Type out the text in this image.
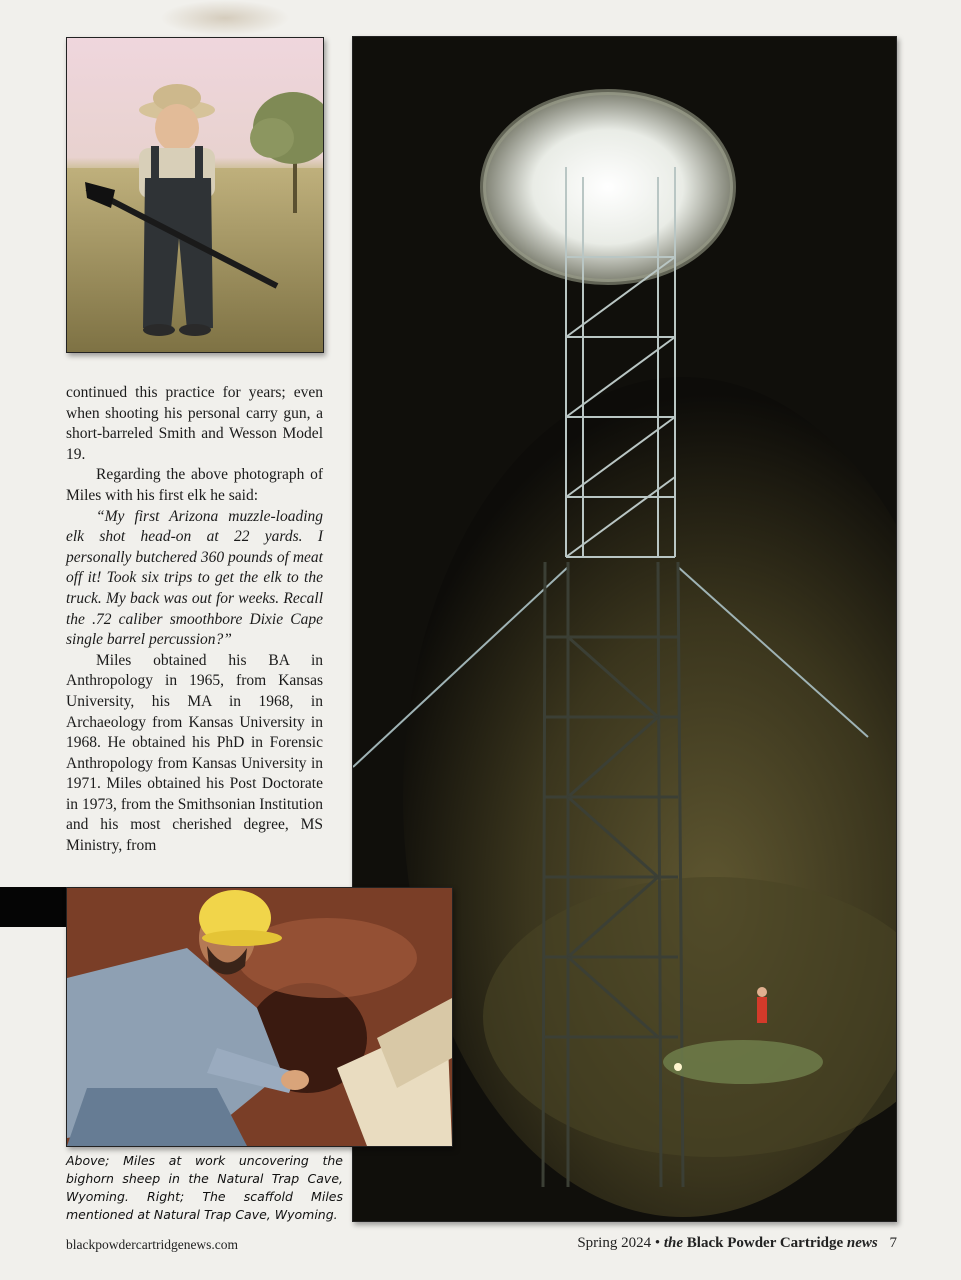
continued this practice for years; even when shooting his personal carry gun, a short-barreled Smith and Wesson Model 19.

Regarding the above photograph of Miles with his first elk he said:

“My first Arizona muzzle-loading elk shot head-on at 22 yards. I personally butchered 360 pounds of meat off it! Took six trips to get the elk to the truck. My back was out for weeks. Recall the .72 caliber smoothbore Dixie Cape single barrel percussion?”

Miles obtained his BA in Anthropology in 1965, from Kansas University, his MA in 1968, in Archaeology from Kansas University in 1968. He obtained his PhD in Forensic Anthropology from Kansas University in 1971. Miles obtained his Post Doctorate in 1973, from the Smithsonian Institution and his most cherished degree, MS Ministry, from

Above; Miles at work uncovering the bighorn sheep in the Natural Trap Cave, Wyoming. Right; The scaffold Miles mentioned at Natural Trap Cave, Wyoming.
blackpowdercartridgenews.com	Spring 2024 • the Black Powder Cartridge news 7
